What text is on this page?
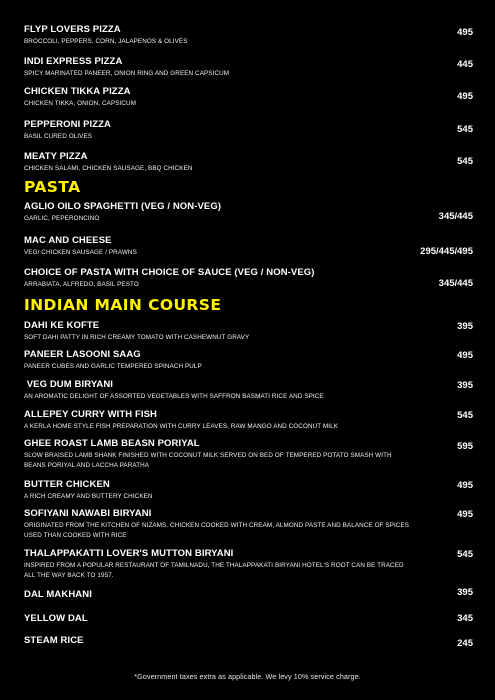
FLYP LOVERS PIZZA
BROCCOLI, PEPPERS, CORN, JALAPENOS & OLIVES
495
INDI EXPRESS PIZZA
SPICY MARINATED PANEER, ONION RING AND GREEN CAPSICUM
445
CHICKEN TIKKA PIZZA
CHICKEN TIKKA, ONION, CAPSICUM
495
PEPPERONI PIZZA
BASIL CURED OLIVES
545
MEATY PIZZA
CHICKEN SALAMI, CHICKEN SAUSAGE, BBQ CHICKEN
545
PASTA
AGLIO OILO SPAGHETTI (VEG / NON-VEG)
GARLIC, PEPERONCINO	345/445
MAC AND CHEESE
VEG/ CHICKEN SAUSAGE / PRAWNS	295/445/495
CHOICE OF PASTA WITH CHOICE OF SAUCE (VEG / NON-VEG)
ARRABIATA, ALFREDO, BASIL PESTO	345/445
INDIAN MAIN COURSE
DAHI KE KOFTE
SOFT DAHI PATTY IN RICH CREAMY TOMATO WITH CASHEWNUT GRAVY
395
PANEER LASOONI SAAG
PANEER CUBES AND GARLIC TEMPERED SPINACH PULP
495
VEG DUM BIRYANI
AN AROMATIC DELIGHT OF ASSORTED VEGETABLES WITH SAFFRON BASMATI RICE AND SPICE
395
ALLEPEY CURRY WITH FISH
A KERLA HOME STYLE FISH PREPARATION WITH CURRY LEAVES, RAW MANGO AND COCONUT MILK
545
GHEE ROAST LAMB BEASN PORIYAL
SLOW BRAISED LAMB SHANK FINISHED WITH COCONUT MILK SERVED ON BED OF TEMPERED POTATO SMASH WITH BEANS PORIYAL AND LACCHA PARATHA
595
BUTTER CHICKEN
A RICH CREAMY AND BUTTERY CHICKEN
495
SOFIYANI NAWABI BIRYANI
ORIGINATED FROM THE KITCHEN OF NIZAMS. CHICKEN COOKED WITH CREAM, ALMOND PASTE AND BALANCE OF SPICES USED THAN COOKED WITH RICE
495
THALAPPAKATTI LOVER'S MUTTON BIRYANI
INSPIRED FROM A POPULAR RESTAURANT OF TAMILNADU, THE THALAPPAKATI BIRYANI HOTEL'S ROOT CAN BE TRACED ALL THE WAY BACK TO 1957.
545
DAL MAKHANI	395
YELLOW DAL	345
STEAM RICE	245
*Government taxes extra as applicable. We levy 10% service charge.
